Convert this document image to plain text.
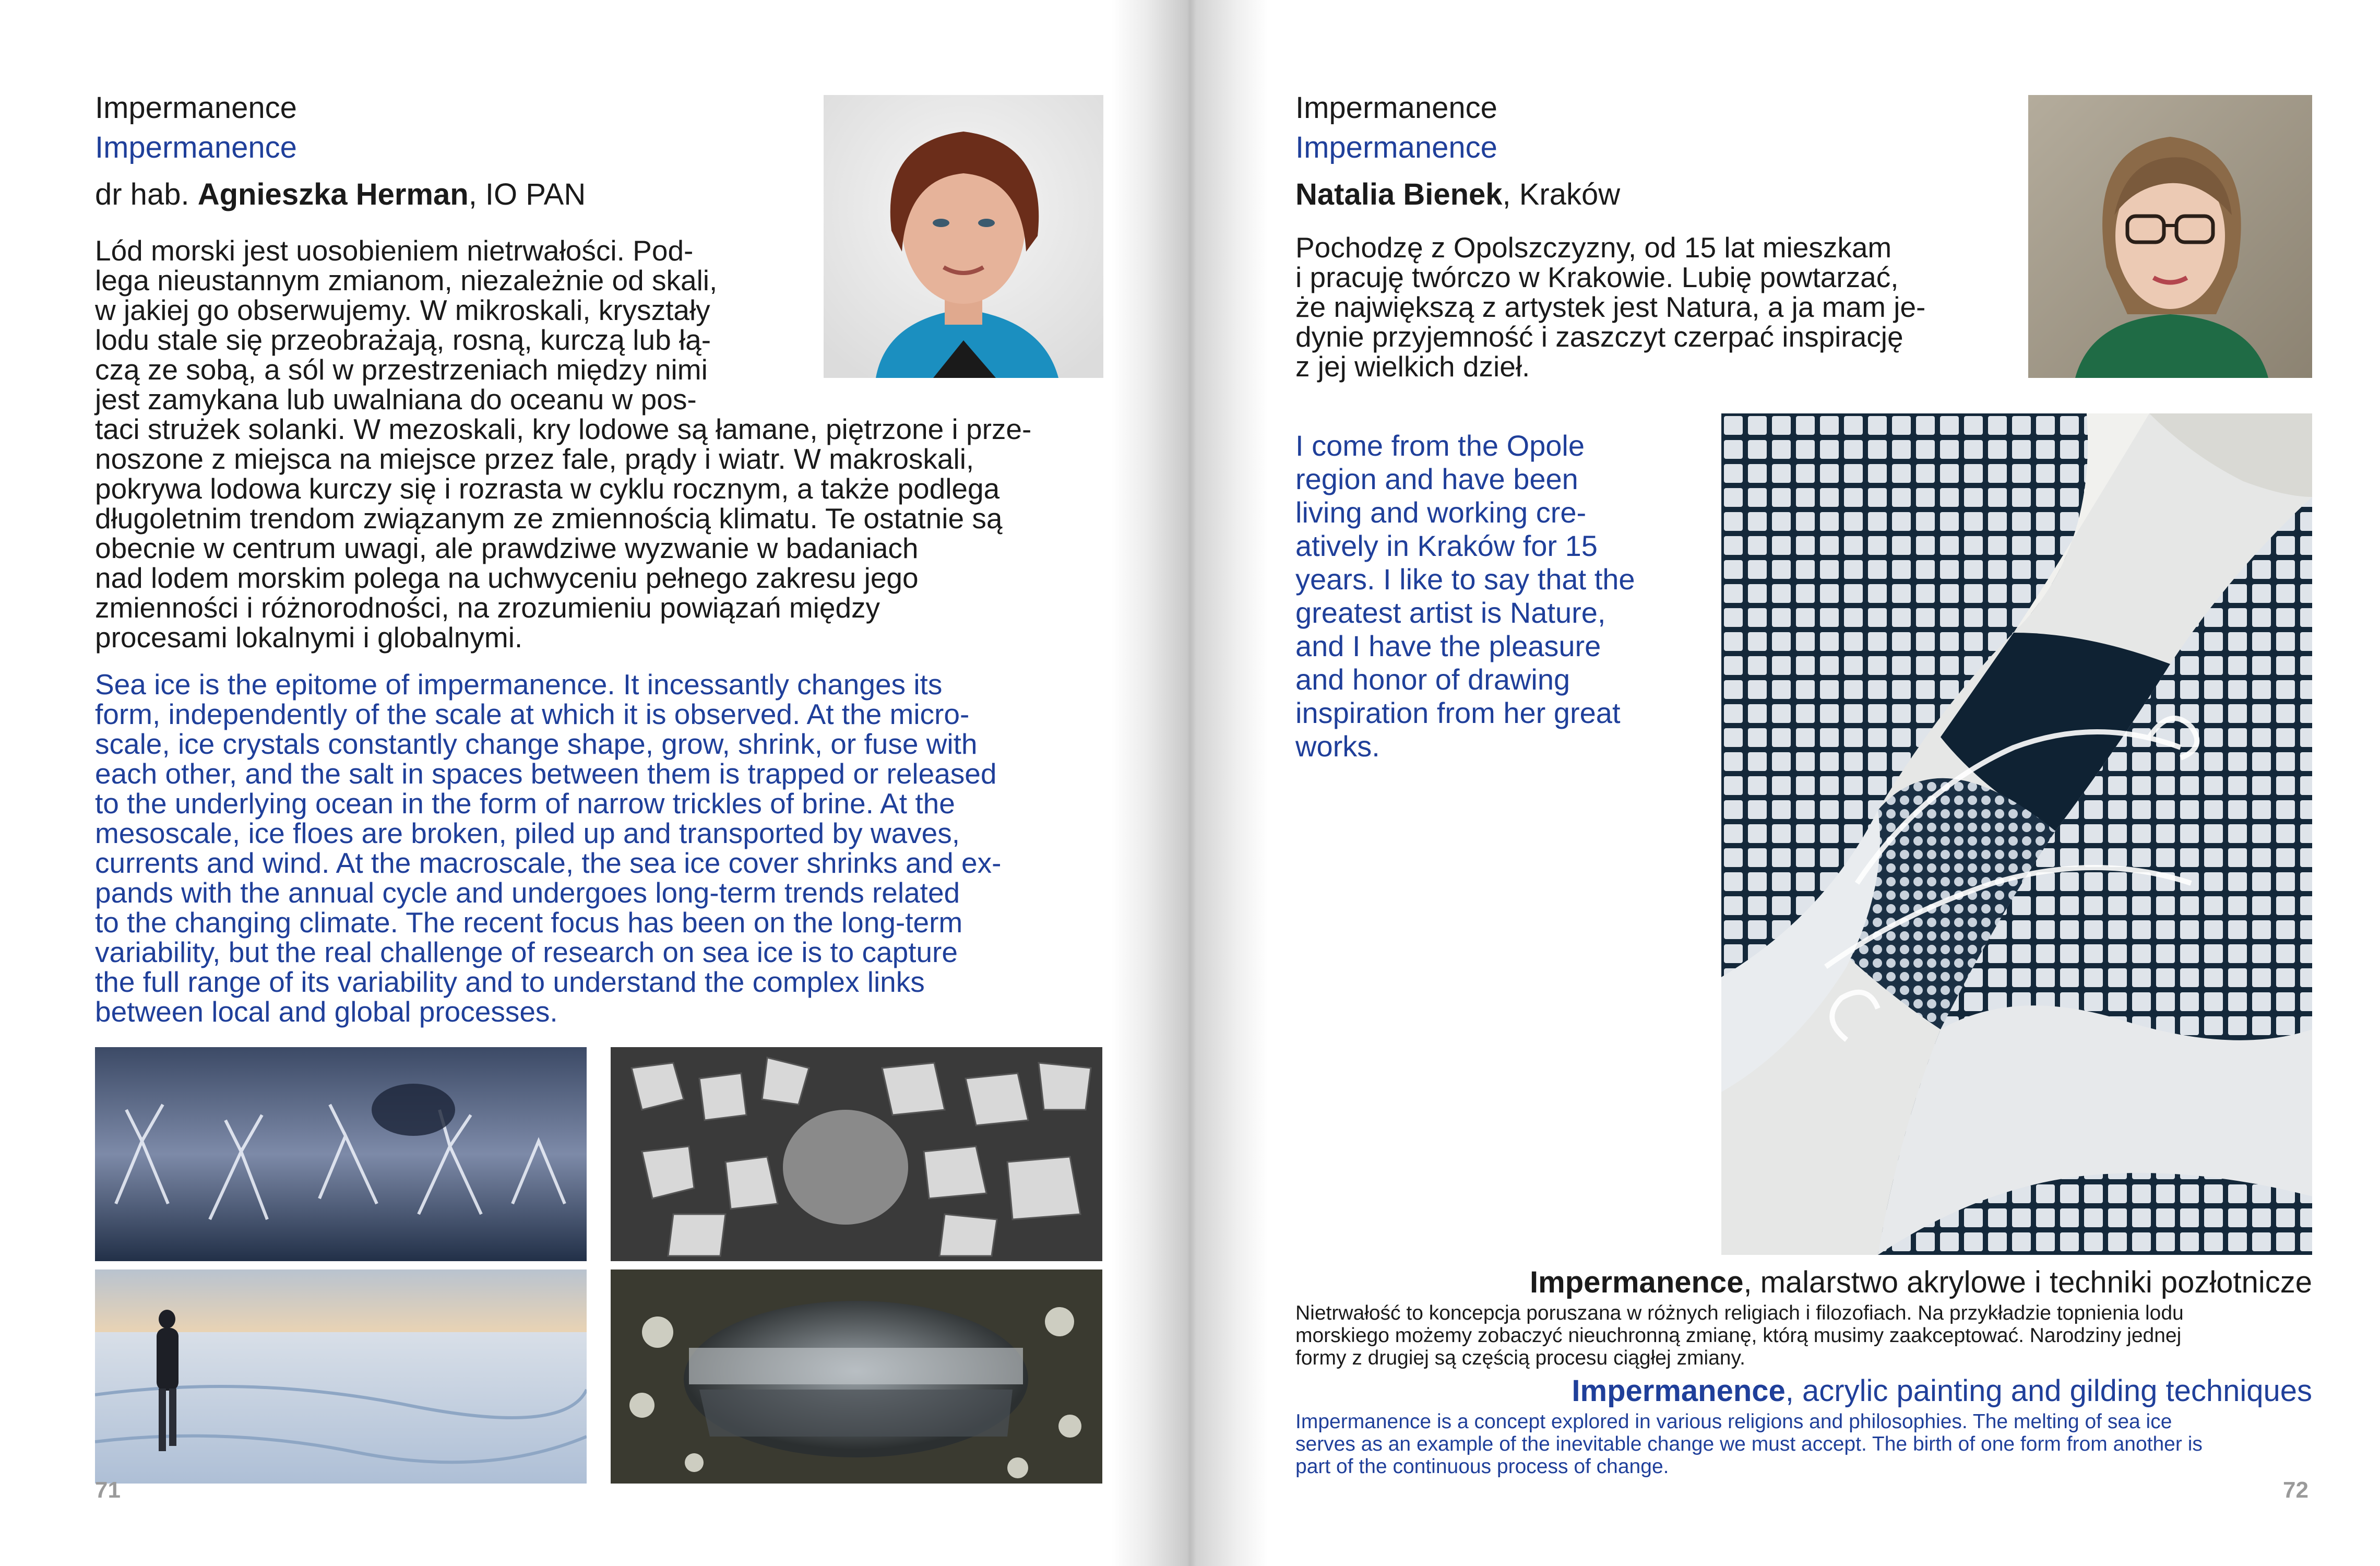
Impermanence
Impermanence
dr hab. Agnieszka Herman, IO PAN
Lód morski jest uosobieniem nietrwałości. Pod-
lega nieustannym zmianom, niezależnie od skali,
w jakiej go obserwujemy. W mikroskali, kryształy
lodu stale się przeobrażają, rosną, kurczą lub łą-
czą ze sobą, a sól w przestrzeniach między nimi
jest zamykana lub uwalniana do oceanu w pos-
taci strużek solanki. W mezoskali, kry lodowe są łamane, piętrzone i prze-
noszone z miejsca na miejsce przez fale, prądy i wiatr. W makroskali,
pokrywa lodowa kurczy się i rozrasta w cyklu rocznym, a także podlega
długoletnim trendom związanym ze zmiennością klimatu. Te ostatnie są
obecnie w centrum uwagi, ale prawdziwe wyzwanie w badaniach
nad lodem morskim polega na uchwyceniu pełnego zakresu jego
zmienności i różnorodności, na zrozumieniu powiązań między
procesami lokalnymi i globalnymi.
Sea ice is the epitome of impermanence. It incessantly changes its
form, independently of the scale at which it is observed. At the micro-
scale, ice crystals constantly change shape, grow, shrink, or fuse with
each other, and the salt in spaces between them is trapped or released
to the underlying ocean in the form of narrow trickles of brine. At the
mesoscale, ice floes are broken, piled up and transported by waves,
currents and wind. At the macroscale, the sea ice cover shrinks and ex-
pands with the annual cycle and undergoes long-term trends related
to the changing climate. The recent focus has been on the long-term
variability, but the real challenge of research on sea ice is to capture
the full range of its variability and to understand the complex links
between local and global processes.
71
Impermanence
Impermanence
Natalia Bienek, Kraków
Pochodzę z Opolszczyzny, od 15 lat mieszkam
i pracuję twórczo w Krakowie. Lubię powtarzać,
że największą z artystek jest Natura, a ja mam je-
dynie przyjemność i zaszczyt czerpać inspirację
z jej wielkich dzieł.
I come from the Opole
region and have been
living and working cre-
atively in Kraków for 15
years. I like to say that the
greatest artist is Nature,
and I have the pleasure
and honor of drawing
inspiration from her great
works.
Impermanence, malarstwo akrylowe i techniki pozłotnicze
Nietrwałość to koncepcja poruszana w różnych religiach i filozofiach. Na przykładzie topnienia lodu
morskiego możemy zobaczyć nieuchronną zmianę, którą musimy zaakceptować. Narodziny jednej
formy z drugiej są częścią procesu ciągłej zmiany.
Impermanence, acrylic painting and gilding techniques
Impermanence is a concept explored in various religions and philosophies. The melting of sea ice
serves as an example of the inevitable change we must accept. The birth of one form from another is
part of the continuous process of change.
72
